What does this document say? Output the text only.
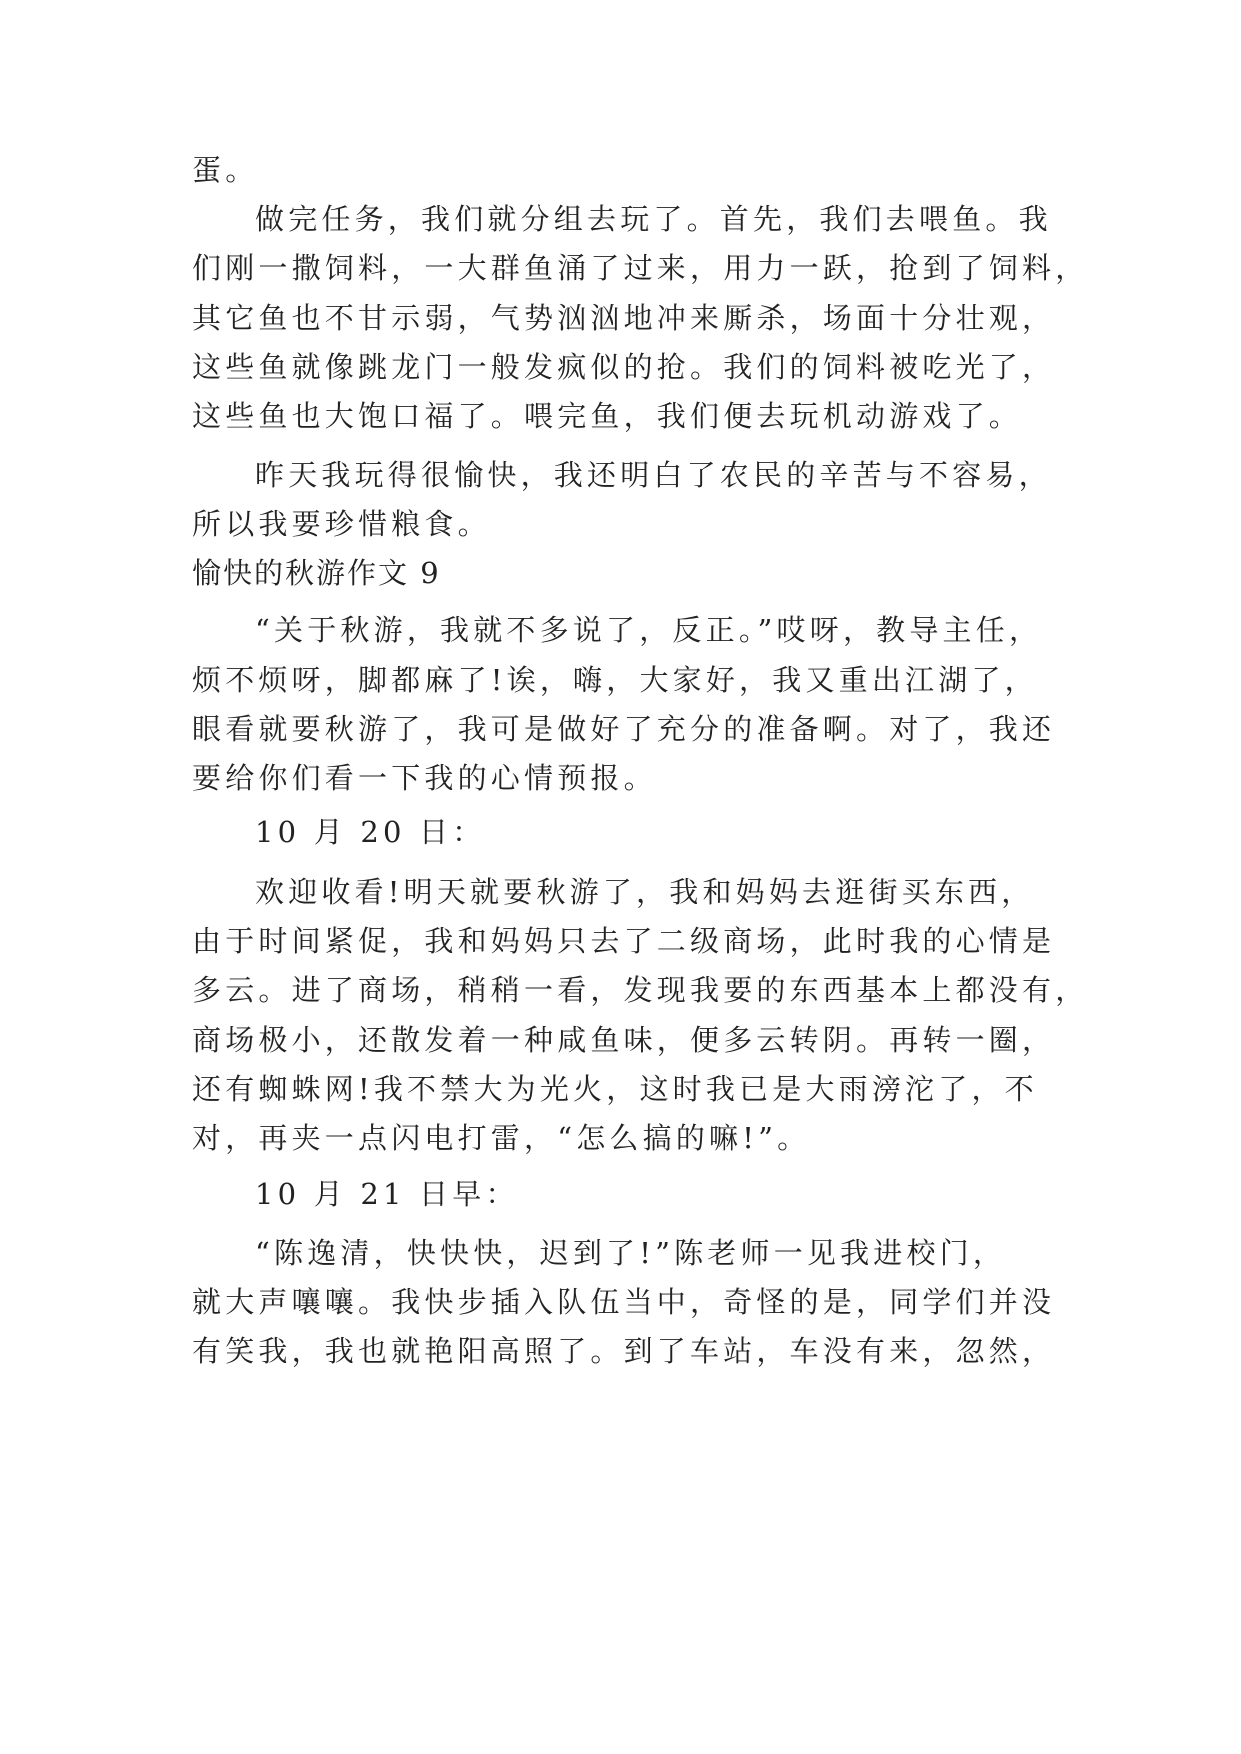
蛋。
做完任务，我们就分组去玩了。首先，我们去喂鱼。我
们刚一撒饲料，一大群鱼涌了过来，用力一跃，抢到了饲料，
其它鱼也不甘示弱，气势汹汹地冲来厮杀，场面十分壮观，
这些鱼就像跳龙门一般发疯似的抢。我们的饲料被吃光了，
这些鱼也大饱口福了。喂完鱼，我们便去玩机动游戏了。
昨天我玩得很愉快，我还明白了农民的辛苦与不容易，
所以我要珍惜粮食。
愉快的秋游作文 9
“关于秋游，我就不多说了，反正。”哎呀，教导主任，
烦不烦呀，脚都麻了!诶，嗨，大家好，我又重出江湖了，
眼看就要秋游了，我可是做好了充分的准备啊。对了，我还
要给你们看一下我的心情预报。
10 月 20 日：
欢迎收看!明天就要秋游了，我和妈妈去逛街买东西，
由于时间紧促，我和妈妈只去了二级商场，此时我的心情是
多云。进了商场，稍稍一看，发现我要的东西基本上都没有，
商场极小，还散发着一种咸鱼味，便多云转阴。再转一圈，
还有蜘蛛网!我不禁大为光火，这时我已是大雨滂沱了，不
对，再夹一点闪电打雷，“怎么搞的嘛!”。
10 月 21 日早：
“陈逸清，快快快，迟到了!”陈老师一见我进校门，
就大声嚷嚷。我快步插入队伍当中，奇怪的是，同学们并没
有笑我，我也就艳阳高照了。到了车站，车没有来，忽然，
